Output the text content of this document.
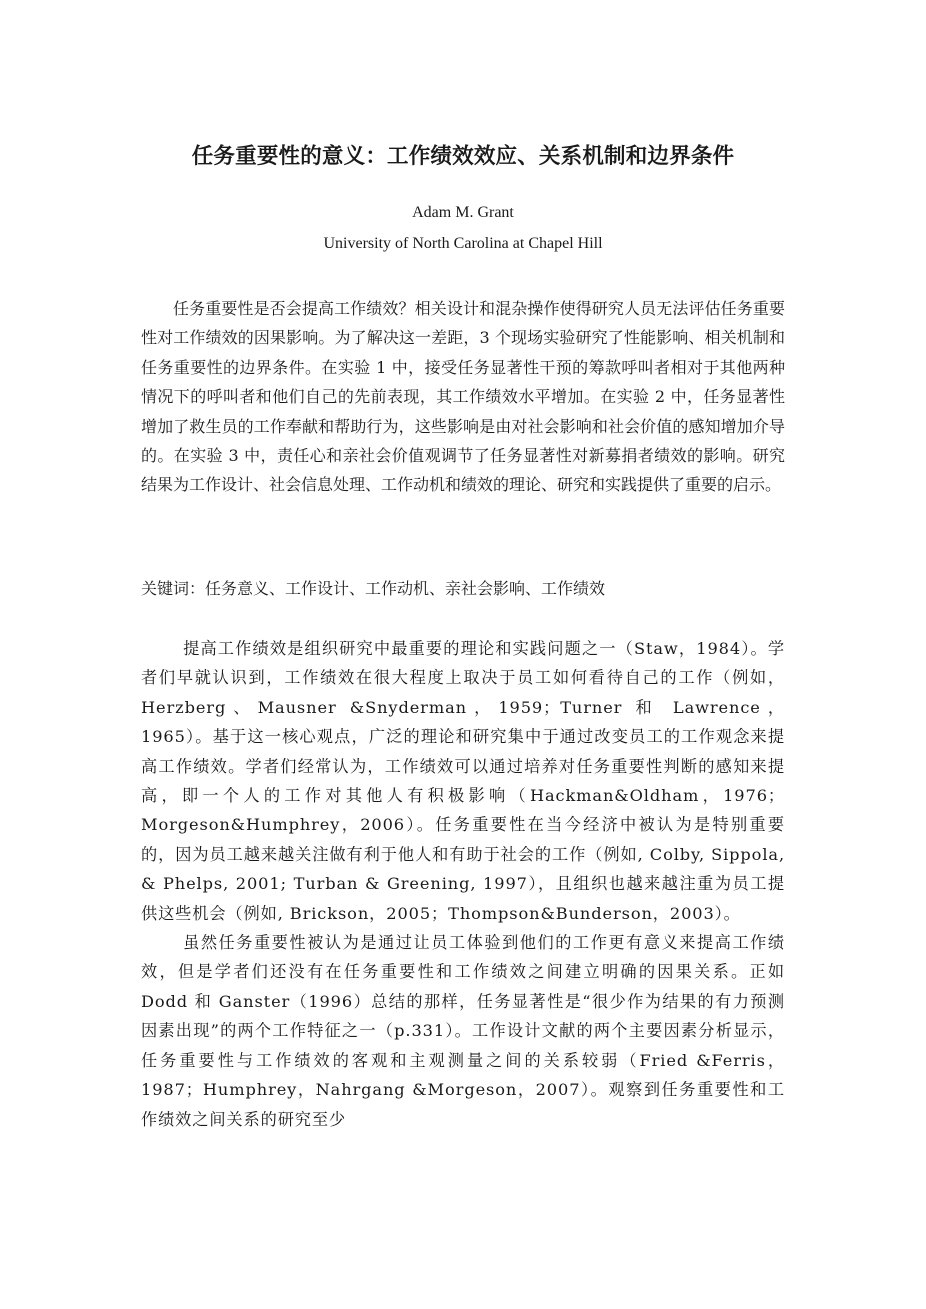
任务重要性的意义：工作绩效效应、关系机制和边界条件
Adam M. Grant
University of North Carolina at Chapel Hill

任务重要性是否会提高工作绩效？相关设计和混杂操作使得研究人员无法评估任务重要性对工作绩效的因果影响。为了解决这一差距，3 个现场实验研究了性能影响、相关机制和任务重要性的边界条件。在实验 1 中，接受任务显著性干预的筹款呼叫者相对于其他两种情况下的呼叫者和他们自己的先前表现，其工作绩效水平增加。在实验 2 中，任务显著性增加了救生员的工作奉献和帮助行为，这些影响是由对社会影响和社会价值的感知增加介导的。在实验 3 中，责任心和亲社会价值观调节了任务显著性对新募捐者绩效的影响。研究结果为工作设计、社会信息处理、工作动机和绩效的理论、研究和实践提供了重要的启示。

关键词：任务意义、工作设计、工作动机、亲社会影响、工作绩效

提高工作绩效是组织研究中最重要的理论和实践问题之一（Staw，1984）。学者们早就认识到，工作绩效在很大程度上取决于员工如何看待自己的工作（例如，Herzberg、Mausner &Snyderman，1959；Turner 和 Lawrence，1965）。基于这一核心观点，广泛的理论和研究集中于通过改变员工的工作观念来提高工作绩效。学者们经常认为，工作绩效可以通过培养对任务重要性判断的感知来提高，即一个人的工作对其他人有积极影响（Hackman&Oldham，1976；Morgeson&Humphrey，2006）。任务重要性在当今经济中被认为是特别重要的，因为员工越来越关注做有利于他人和有助于社会的工作（例如, Colby, Sippola, & Phelps, 2001; Turban & Greening, 1997），且组织也越来越注重为员工提供这些机会（例如, Brickson，2005；Thompson&Bunderson，2003）。

虽然任务重要性被认为是通过让员工体验到他们的工作更有意义来提高工作绩效，但是学者们还没有在任务重要性和工作绩效之间建立明确的因果关系。正如 Dodd 和 Ganster（1996）总结的那样，任务显著性是“很少作为结果的有力预测因素出现”的两个工作特征之一（p.331）。工作设计文献的两个主要因素分析显示，任务重要性与工作绩效的客观和主观测量之间的关系较弱（Fried &Ferris，1987；Humphrey，Nahrgang &Morgeson，2007）。观察到任务重要性和工作绩效之间关系的研究至少
